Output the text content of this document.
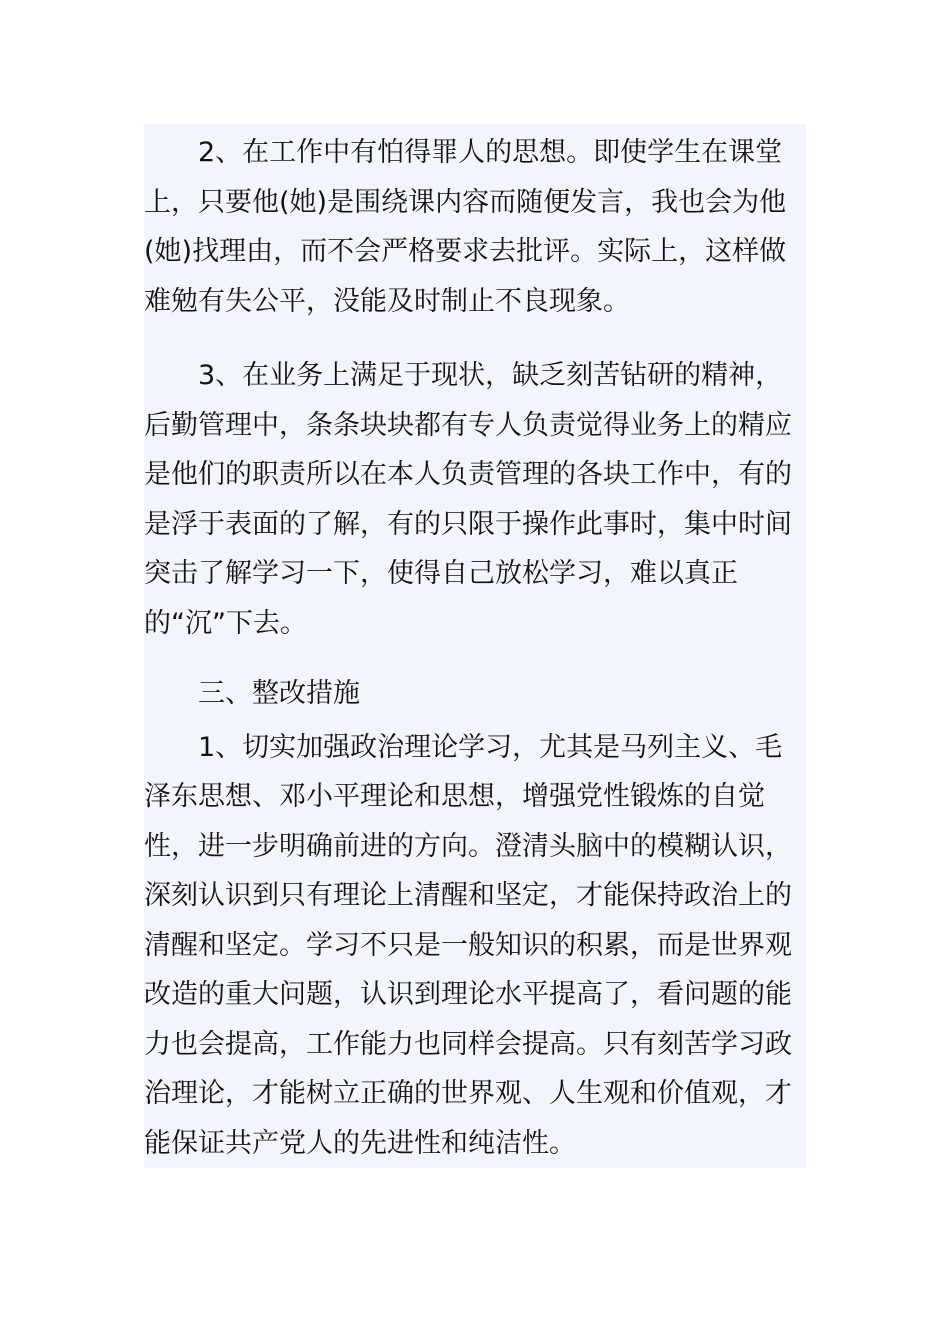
2、在工作中有怕得罪人的思想。即使学生在课堂上，只要他(她)是围绕课内容而随便发言，我也会为他(她)找理由，而不会严格要求去批评。实际上，这样做难勉有失公平，没能及时制止不良现象。

3、在业务上满足于现状，缺乏刻苦钻研的精神，后勤管理中，条条块块都有专人负责觉得业务上的精应是他们的职责所以在本人负责管理的各块工作中，有的是浮于表面的了解，有的只限于操作此事时，集中时间突击了解学习一下，使得自己放松学习，难以真正的“沉”下去。

三、整改措施

1、切实加强政治理论学习，尤其是马列主义、毛泽东思想、邓小平理论和思想，增强党性锻炼的自觉性，进一步明确前进的方向。澄清头脑中的模糊认识，深刻认识到只有理论上清醒和坚定，才能保持政治上的清醒和坚定。学习不只是一般知识的积累，而是世界观改造的重大问题，认识到理论水平提高了，看问题的能力也会提高，工作能力也同样会提高。只有刻苦学习政治理论，才能树立正确的世界观、人生观和价值观，才能保证共产党人的先进性和纯洁性。
